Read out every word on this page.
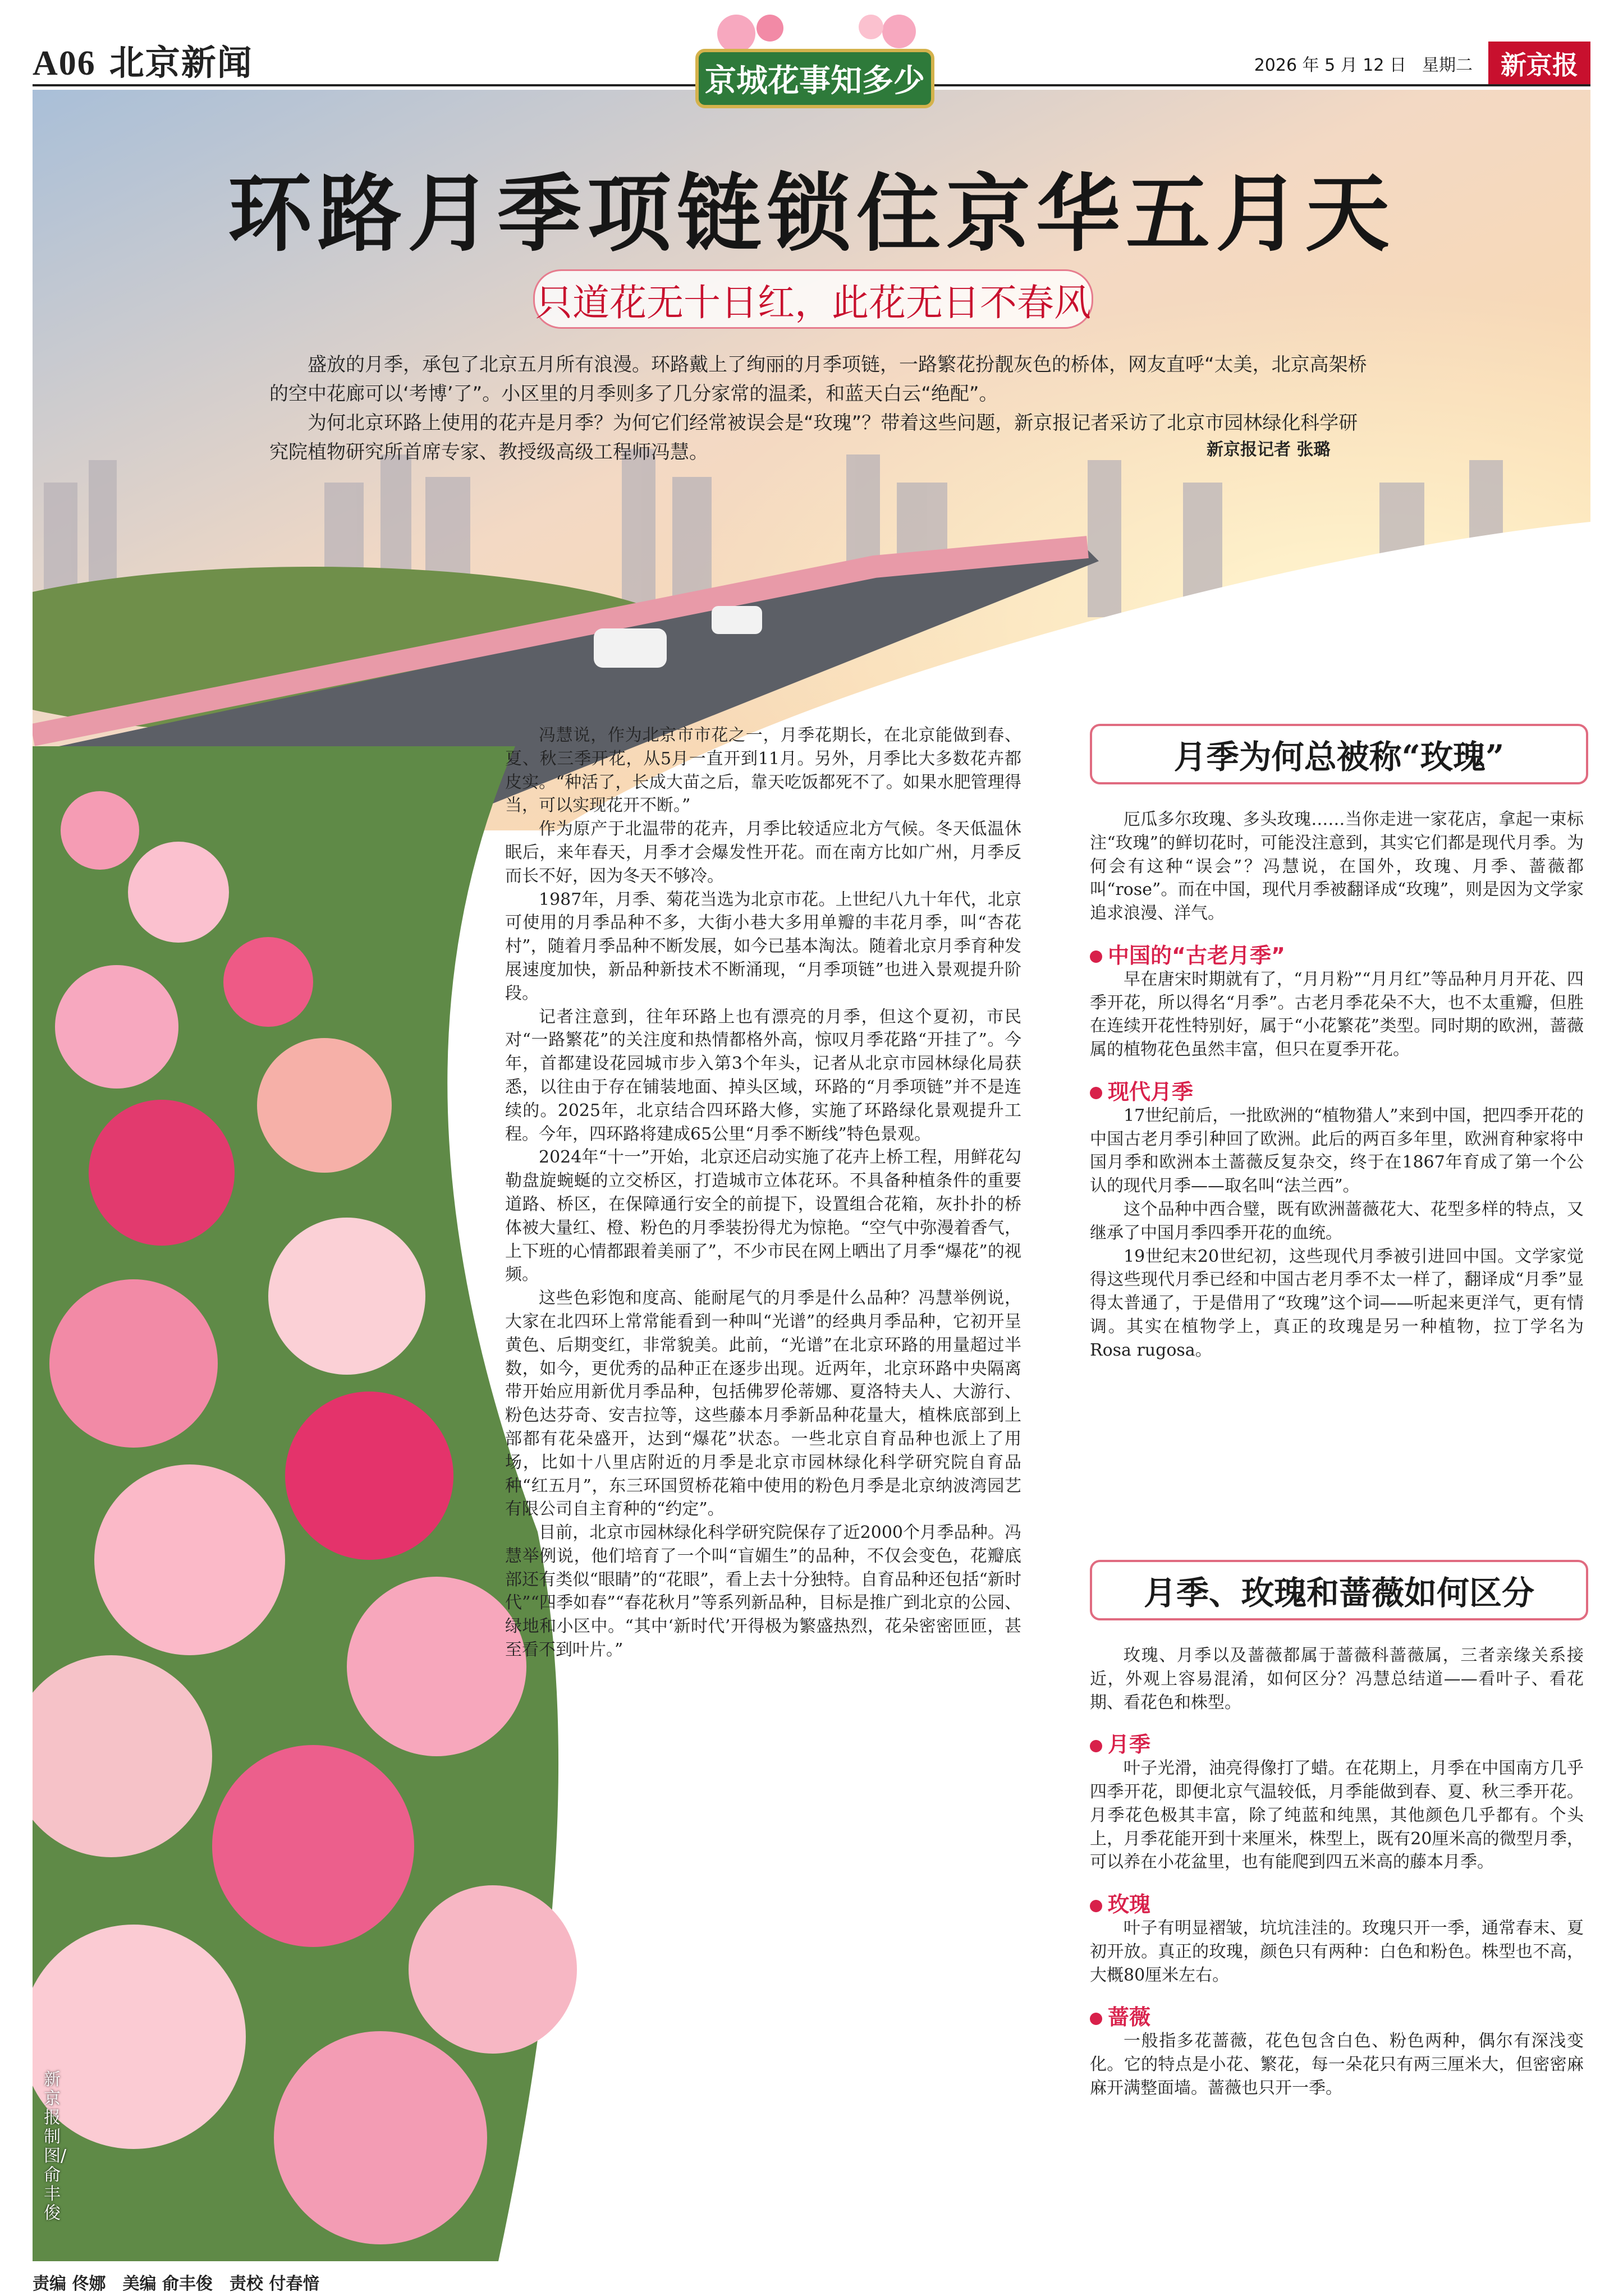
A06 北京新闻	2026 年 5 月 12 日 星期二	新京报
京城花事知多少
环路月季项链锁住京华五月天
只道花无十日红，此花无日不春风

盛放的月季，承包了北京五月所有浪漫。环路戴上了绚丽的月季项链，一路繁花扮靓灰色的桥体，网友直呼“太美，北京高架桥的空中花廊可以‘考博’了”。小区里的月季则多了几分家常的温柔，和蓝天白云“绝配”。

为何北京环路上使用的花卉是月季？为何它们经常被误会是“玫瑰”？带着这些问题，新京报记者采访了北京市园林绿化科学研究院植物研究所首席专家、教授级高级工程师冯慧。	新京报记者 张璐

冯慧说，作为北京市市花之一，月季花期长，在北京能做到春、夏、秋三季开花，从5月一直开到11月。另外，月季比大多数花卉都皮实。“种活了，长成大苗之后，靠天吃饭都死不了。如果水肥管理得当，可以实现花开不断。”

作为原产于北温带的花卉，月季比较适应北方气候。冬天低温休眠后，来年春天，月季才会爆发性开花。而在南方比如广州，月季反而长不好，因为冬天不够冷。

1987年，月季、菊花当选为北京市花。上世纪八九十年代，北京可使用的月季品种不多，大街小巷大多用单瓣的丰花月季，叫“杏花村”，随着月季品种不断发展，如今已基本淘汰。随着北京月季育种发展速度加快，新品种新技术不断涌现，“月季项链”也进入景观提升阶段。

记者注意到，往年环路上也有漂亮的月季，但这个夏初，市民对“一路繁花”的关注度和热情都格外高，惊叹月季花路“开挂了”。今年，首都建设花园城市步入第3个年头，记者从北京市园林绿化局获悉，以往由于存在铺装地面、掉头区域，环路的“月季项链”并不是连续的。2025年，北京结合四环路大修，实施了环路绿化景观提升工程。今年，四环路将建成65公里“月季不断线”特色景观。

2024年“十一”开始，北京还启动实施了花卉上桥工程，用鲜花勾勒盘旋蜿蜒的立交桥区，打造城市立体花环。不具备种植条件的重要道路、桥区，在保障通行安全的前提下，设置组合花箱，灰扑扑的桥体被大量红、橙、粉色的月季装扮得尤为惊艳。“空气中弥漫着香气，上下班的心情都跟着美丽了”，不少市民在网上晒出了月季“爆花”的视频。

这些色彩饱和度高、能耐尾气的月季是什么品种？冯慧举例说，大家在北四环上常常能看到一种叫“光谱”的经典月季品种，它初开呈黄色、后期变红，非常貌美。此前，“光谱”在北京环路的用量超过半数，如今，更优秀的品种正在逐步出现。近两年，北京环路中央隔离带开始应用新优月季品种，包括佛罗伦蒂娜、夏洛特夫人、大游行、粉色达芬奇、安吉拉等，这些藤本月季新品种花量大，植株底部到上部都有花朵盛开，达到“爆花”状态。一些北京自育品种也派上了用场，比如十八里店附近的月季是北京市园林绿化科学研究院自育品种“红五月”，东三环国贸桥花箱中使用的粉色月季是北京纳波湾园艺有限公司自主育种的“约定”。

目前，北京市园林绿化科学研究院保存了近2000个月季品种。冯慧举例说，他们培育了一个叫“盲媚生”的品种，不仅会变色，花瓣底部还有类似“眼睛”的“花眼”，看上去十分独特。自育品种还包括“新时代”“四季如春”“春花秋月”等系列新品种，目标是推广到北京的公园、绿地和小区中。“其中‘新时代’开得极为繁盛热烈，花朵密密匝匝，甚至看不到叶片。”

月季为何总被称“玫瑰”

厄瓜多尔玫瑰、多头玫瑰……当你走进一家花店，拿起一束标注“玫瑰”的鲜切花时，可能没注意到，其实它们都是现代月季。为何会有这种“误会”？冯慧说，在国外，玫瑰、月季、蔷薇都叫“rose”。而在中国，现代月季被翻译成“玫瑰”，则是因为文学家追求浪漫、洋气。

中国的“古老月季”

早在唐宋时期就有了，“月月粉”“月月红”等品种月月开花、四季开花，所以得名“月季”。古老月季花朵不大，也不太重瓣，但胜在连续开花性特别好，属于“小花繁花”类型。同时期的欧洲，蔷薇属的植物花色虽然丰富，但只在夏季开花。

现代月季

17世纪前后，一批欧洲的“植物猎人”来到中国，把四季开花的中国古老月季引种回了欧洲。此后的两百多年里，欧洲育种家将中国月季和欧洲本土蔷薇反复杂交，终于在1867年育成了第一个公认的现代月季——取名叫“法兰西”。

这个品种中西合璧，既有欧洲蔷薇花大、花型多样的特点，又继承了中国月季四季开花的血统。

19世纪末20世纪初，这些现代月季被引进回中国。文学家觉得这些现代月季已经和中国古老月季不太一样了，翻译成“月季”显得太普通了，于是借用了“玫瑰”这个词——听起来更洋气，更有情调。其实在植物学上，真正的玫瑰是另一种植物，拉丁学名为Rosa rugosa。

月季、玫瑰和蔷薇如何区分

玫瑰、月季以及蔷薇都属于蔷薇科蔷薇属，三者亲缘关系接近，外观上容易混淆，如何区分？冯慧总结道——看叶子、看花期、看花色和株型。

月季

叶子光滑，油亮得像打了蜡。在花期上，月季在中国南方几乎四季开花，即便北京气温较低，月季能做到春、夏、秋三季开花。月季花色极其丰富，除了纯蓝和纯黑，其他颜色几乎都有。个头上，月季花能开到十来厘米，株型上，既有20厘米高的微型月季，可以养在小花盆里，也有能爬到四五米高的藤本月季。

玫瑰

叶子有明显褶皱，坑坑洼洼的。玫瑰只开一季，通常春末、夏初开放。真正的玫瑰，颜色只有两种：白色和粉色。株型也不高，大概80厘米左右。

蔷薇

一般指多花蔷薇，花色包含白色、粉色两种，偶尔有深浅变化。它的特点是小花、繁花，每一朵花只有两三厘米大，但密密麻麻开满整面墙。蔷薇也只开一季。

新京报制图/俞丰俊
责编 佟娜　美编 俞丰俊　责校 付春愔
